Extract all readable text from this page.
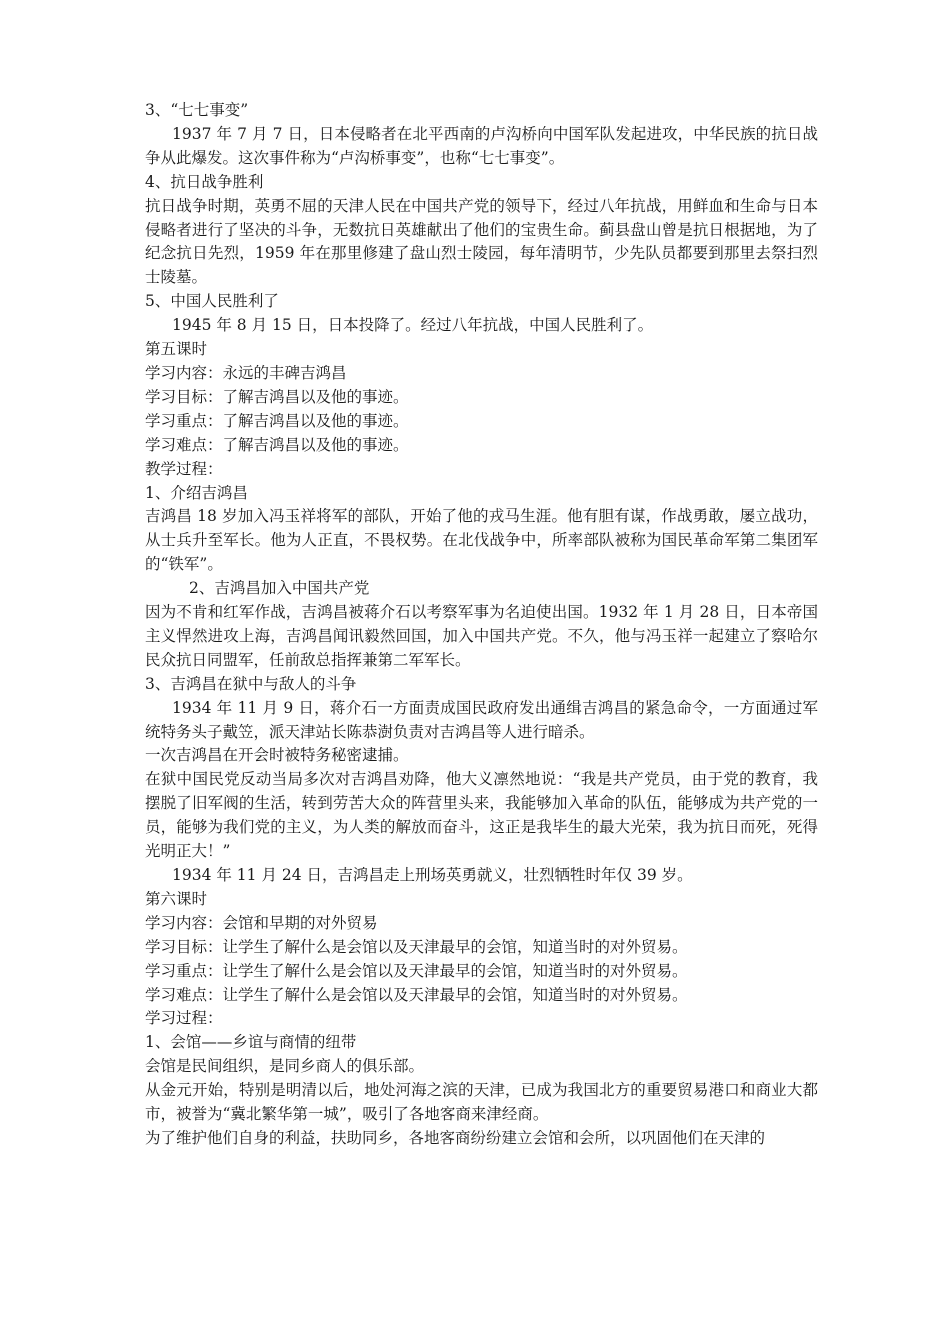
3、“七七事变”

1937 年 7 月 7 日，日本侵略者在北平西南的卢沟桥向中国军队发起进攻，中华民族的抗日战争从此爆发。这次事件称为“卢沟桥事变”，也称“七七事变”。

4、抗日战争胜利

抗日战争时期，英勇不屈的天津人民在中国共产党的领导下，经过八年抗战，用鲜血和生命与日本侵略者进行了坚决的斗争，无数抗日英雄献出了他们的宝贵生命。蓟县盘山曾是抗日根据地，为了纪念抗日先烈，1959 年在那里修建了盘山烈士陵园，每年清明节，少先队员都要到那里去祭扫烈士陵墓。

5、中国人民胜利了

1945 年 8 月 15 日，日本投降了。经过八年抗战，中国人民胜利了。

第五课时

学习内容：永远的丰碑吉鸿昌

学习目标：了解吉鸿昌以及他的事迹。

学习重点：了解吉鸿昌以及他的事迹。

学习难点：了解吉鸿昌以及他的事迹。

教学过程：

1、介绍吉鸿昌

吉鸿昌 18 岁加入冯玉祥将军的部队，开始了他的戎马生涯。他有胆有谋，作战勇敢，屡立战功，从士兵升至军长。他为人正直，不畏权势。在北伐战争中，所率部队被称为国民革命军第二集团军的“铁军”。

2、吉鸿昌加入中国共产党

因为不肯和红军作战，吉鸿昌被蒋介石以考察军事为名迫使出国。1932 年 1 月 28 日，日本帝国主义悍然进攻上海，吉鸿昌闻讯毅然回国，加入中国共产党。不久，他与冯玉祥一起建立了察哈尔民众抗日同盟军，任前敌总指挥兼第二军军长。

3、吉鸿昌在狱中与敌人的斗争

1934 年 11 月 9 日，蒋介石一方面责成国民政府发出通缉吉鸿昌的紧急命令，一方面通过军统特务头子戴笠，派天津站长陈恭澍负责对吉鸿昌等人进行暗杀。

一次吉鸿昌在开会时被特务秘密逮捕。

在狱中国民党反动当局多次对吉鸿昌劝降，他大义凛然地说：“我是共产党员，由于党的教育，我摆脱了旧军阀的生活，转到劳苦大众的阵营里头来，我能够加入革命的队伍，能够成为共产党的一员，能够为我们党的主义，为人类的解放而奋斗，这正是我毕生的最大光荣，我为抗日而死，死得光明正大！”

1934 年 11 月 24 日，吉鸿昌走上刑场英勇就义，壮烈牺牲时年仅 39 岁。

第六课时

学习内容：会馆和早期的对外贸易

学习目标：让学生了解什么是会馆以及天津最早的会馆，知道当时的对外贸易。

学习重点：让学生了解什么是会馆以及天津最早的会馆，知道当时的对外贸易。

学习难点：让学生了解什么是会馆以及天津最早的会馆，知道当时的对外贸易。

学习过程：

1、会馆——乡谊与商情的纽带

会馆是民间组织，是同乡商人的俱乐部。

从金元开始，特别是明清以后，地处河海之滨的天津，已成为我国北方的重要贸易港口和商业大都市，被誉为“冀北繁华第一城”，吸引了各地客商来津经商。

为了维护他们自身的利益，扶助同乡，各地客商纷纷建立会馆和会所，以巩固他们在天津的
